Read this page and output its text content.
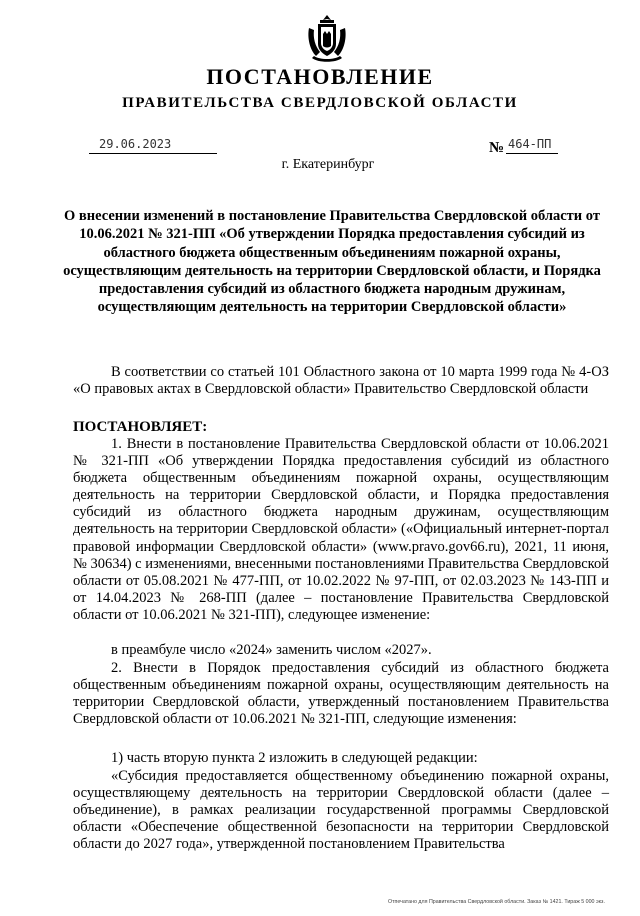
ПОСТАНОВЛЕНИЕ
ПРАВИТЕЛЬСТВА СВЕРДЛОВСКОЙ ОБЛАСТИ
29.06.2023	№ 464-ПП
г. Екатеринбург
О внесении изменений в постановление Правительства Свердловской области от 10.06.2021 № 321-ПП «Об утверждении Порядка предоставления субсидий из областного бюджета общественным объединениям пожарной охраны, осуществляющим деятельность на территории Свердловской области, и Порядка предоставления субсидий из областного бюджета народным дружинам, осуществляющим деятельность на территории Свердловской области»
В соответствии со статьей 101 Областного закона от 10 марта 1999 года № 4-ОЗ «О правовых актах в Свердловской области» Правительство Свердловской области
ПОСТАНОВЛЯЕТ:
1. Внести в постановление Правительства Свердловской области от 10.06.2021 № 321-ПП «Об утверждении Порядка предоставления субсидий из областного бюджета общественным объединениям пожарной охраны, осуществляющим деятельность на территории Свердловской области, и Порядка предоставления субсидий из областного бюджета народным дружинам, осуществляющим деятельность на территории Свердловской области» («Официальный интернет-портал правовой информации Свердловской области» (www.pravo.gov66.ru), 2021, 11 июня, № 30634) с изменениями, внесенными постановлениями Правительства Свердловской области от 05.08.2021 № 477-ПП, от 10.02.2022 № 97-ПП, от 02.03.2023 № 143-ПП и от 14.04.2023 № 268-ПП (далее – постановление Правительства Свердловской области от 10.06.2021 № 321-ПП), следующее изменение:
в преамбуле число «2024» заменить числом «2027».
2. Внести в Порядок предоставления субсидий из областного бюджета общественным объединениям пожарной охраны, осуществляющим деятельность на территории Свердловской области, утвержденный постановлением Правительства Свердловской области от 10.06.2021 № 321-ПП, следующие изменения:
1) часть вторую пункта 2 изложить в следующей редакции:
«Субсидия предоставляется общественному объединению пожарной охраны, осуществляющему деятельность на территории Свердловской области (далее – объединение), в рамках реализации государственной программы Свердловской области «Обеспечение общественной безопасности на территории Свердловской области до 2027 года», утвержденной постановлением Правительства
Отпечатано для Правительства Свердловской области. Заказ № 1421. Тираж 5 000 экз.
